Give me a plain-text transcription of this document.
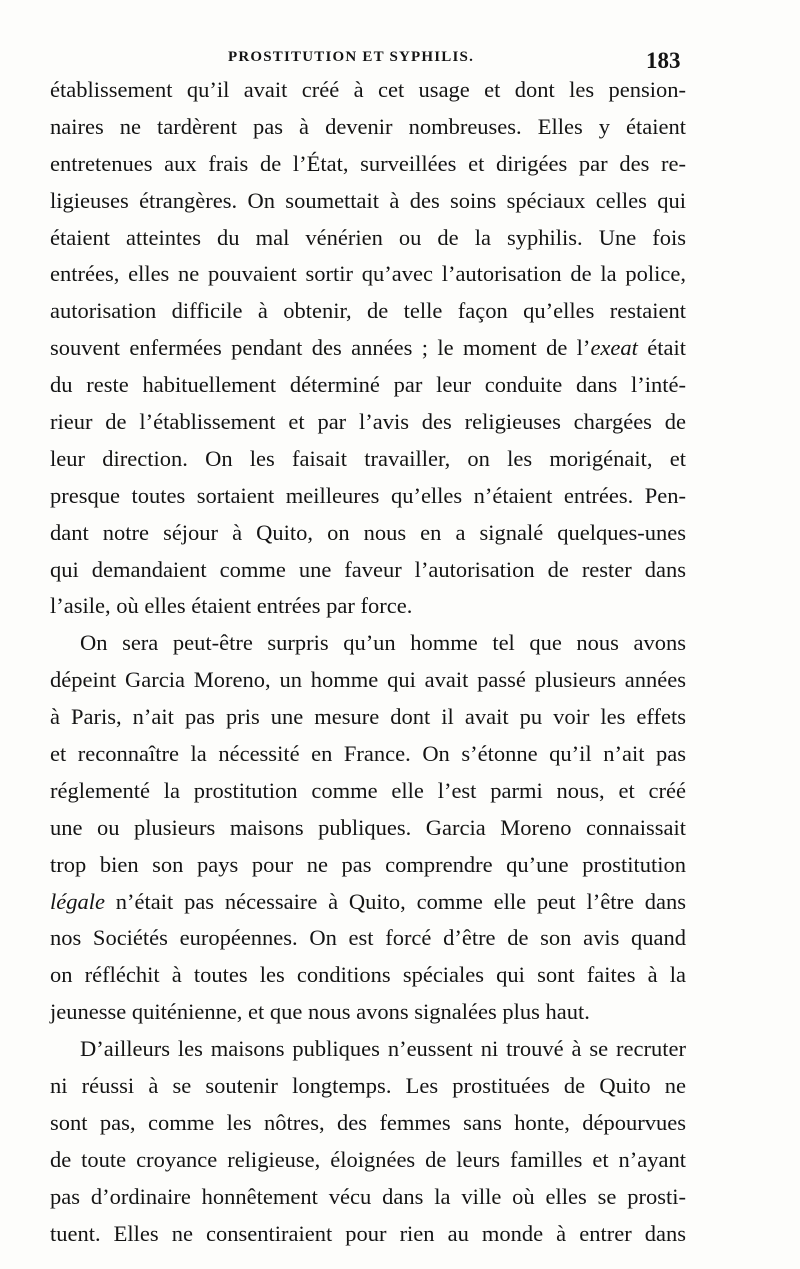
PROSTITUTION ET SYPHILIS.	183
établissement qu’il avait créé à cet usage et dont les pension-
naires ne tardèrent pas à devenir nombreuses. Elles y étaient
entretenues aux frais de l’État, surveillées et dirigées par des re-
ligieuses étrangères. On soumettait à des soins spéciaux celles qui
étaient atteintes du mal vénérien ou de la syphilis. Une fois
entrées, elles ne pouvaient sortir qu’avec l’autorisation de la police,
autorisation difficile à obtenir, de telle façon qu’elles restaient
souvent enfermées pendant des années ; le moment de l’exeat était
du reste habituellement déterminé par leur conduite dans l’inté-
rieur de l’établissement et par l’avis des religieuses chargées de
leur direction. On les faisait travailler, on les morigénait, et
presque toutes sortaient meilleures qu’elles n’étaient entrées. Pen-
dant notre séjour à Quito, on nous en a signalé quelques-unes
qui demandaient comme une faveur l’autorisation de rester dans
l’asile, où elles étaient entrées par force.
On sera peut-être surpris qu’un homme tel que nous avons
dépeint Garcia Moreno, un homme qui avait passé plusieurs années
à Paris, n’ait pas pris une mesure dont il avait pu voir les effets
et reconnaître la nécessité en France. On s’étonne qu’il n’ait pas
réglementé la prostitution comme elle l’est parmi nous, et créé
une ou plusieurs maisons publiques. Garcia Moreno connaissait
trop bien son pays pour ne pas comprendre qu’une prostitution
légale n’était pas nécessaire à Quito, comme elle peut l’être dans
nos Sociétés européennes. On est forcé d’être de son avis quand
on réfléchit à toutes les conditions spéciales qui sont faites à la
jeunesse quiténienne, et que nous avons signalées plus haut.
D’ailleurs les maisons publiques n’eussent ni trouvé à se recruter
ni réussi à se soutenir longtemps. Les prostituées de Quito ne
sont pas, comme les nôtres, des femmes sans honte, dépourvues
de toute croyance religieuse, éloignées de leurs familles et n’ayant
pas d’ordinaire honnêtement vécu dans la ville où elles se prosti-
tuent. Elles ne consentiraient pour rien au monde à entrer dans
